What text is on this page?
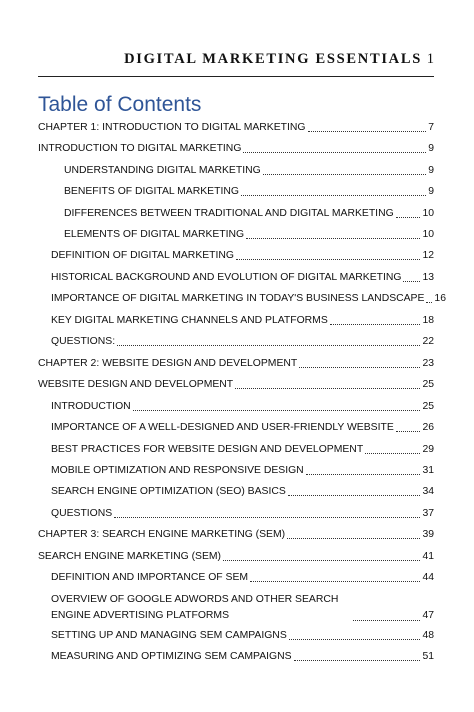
DIGITAL MARKETING ESSENTIALS 1
Table of Contents
CHAPTER 1: INTRODUCTION TO DIGITAL MARKETING	7
INTRODUCTION TO DIGITAL MARKETING	9
UNDERSTANDING DIGITAL MARKETING	9
BENEFITS OF DIGITAL MARKETING	9
DIFFERENCES BETWEEN TRADITIONAL AND DIGITAL MARKETING	10
ELEMENTS OF DIGITAL MARKETING	10
DEFINITION OF DIGITAL MARKETING	12
HISTORICAL BACKGROUND AND EVOLUTION OF DIGITAL MARKETING 13
IMPORTANCE OF DIGITAL MARKETING IN TODAY'S BUSINESS LANDSCAPE 16
KEY DIGITAL MARKETING CHANNELS AND PLATFORMS	18
QUESTIONS:	22
CHAPTER 2: WEBSITE DESIGN AND DEVELOPMENT	23
WEBSITE DESIGN AND DEVELOPMENT	25
INTRODUCTION	25
IMPORTANCE OF A WELL-DESIGNED AND USER-FRIENDLY WEBSITE	26
BEST PRACTICES FOR WEBSITE DESIGN AND DEVELOPMENT	29
MOBILE OPTIMIZATION AND RESPONSIVE DESIGN	31
SEARCH ENGINE OPTIMIZATION (SEO) BASICS	34
QUESTIONS	37
CHAPTER 3: SEARCH ENGINE MARKETING (SEM)	39
SEARCH ENGINE MARKETING (SEM)	41
DEFINITION AND IMPORTANCE OF SEM	44
OVERVIEW OF GOOGLE ADWORDS AND OTHER SEARCH ENGINE ADVERTISING PLATFORMS	47
SETTING UP AND MANAGING SEM CAMPAIGNS	48
MEASURING AND OPTIMIZING SEM CAMPAIGNS	51
